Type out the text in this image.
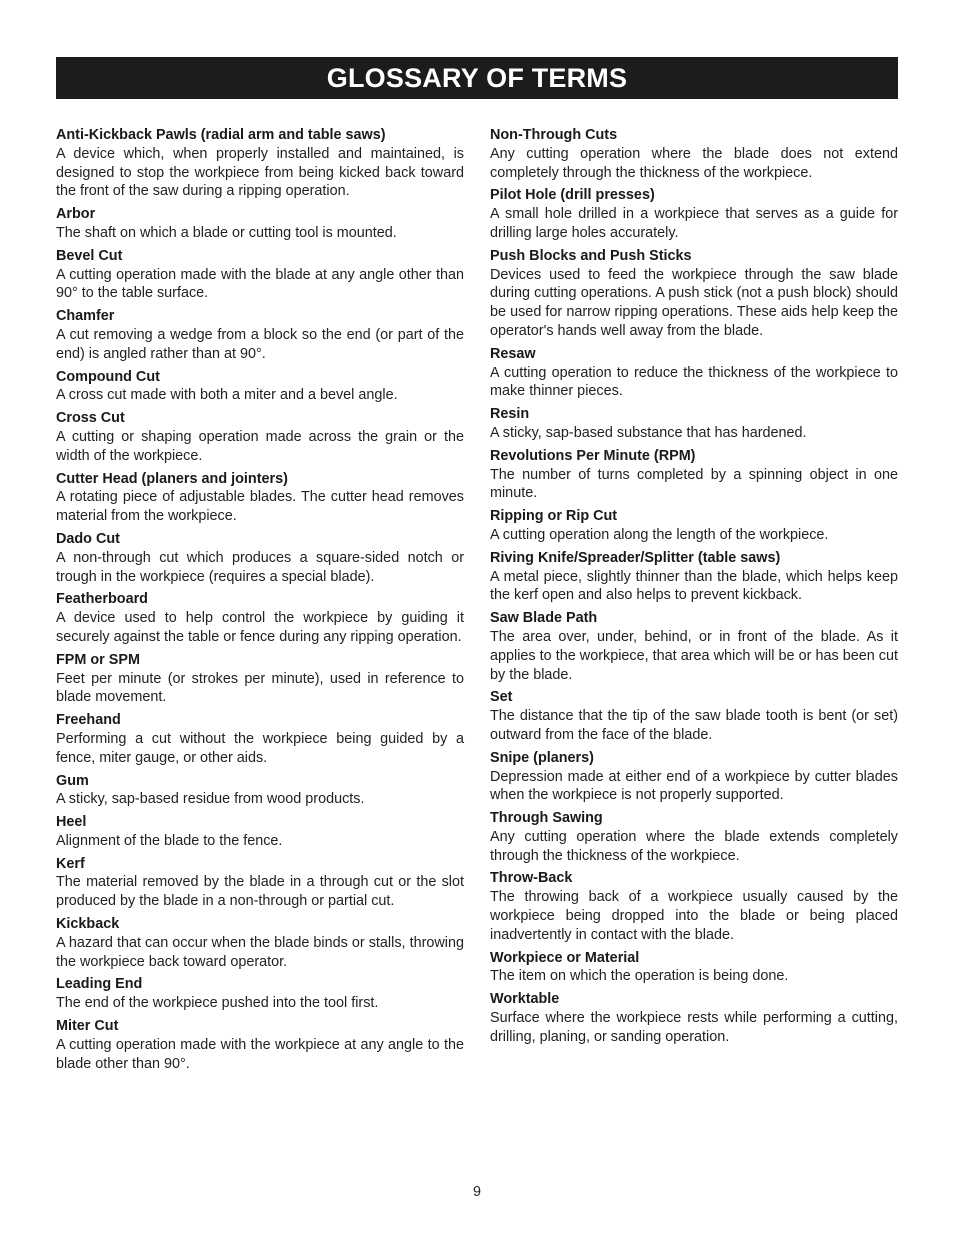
GLOSSARY OF TERMS
Anti-Kickback Pawls (radial arm and table saws)
A device which, when properly installed and maintained, is designed to stop the workpiece from being kicked back toward the front of the saw during a ripping operation.
Arbor
The shaft on which a blade or cutting tool is mounted.
Bevel Cut
A cutting operation made with the blade at any angle other than 90° to the table surface.
Chamfer
A cut removing a wedge from a block so the end (or part of the end) is angled rather than at 90°.
Compound Cut
A cross cut made with both a miter and a bevel angle.
Cross Cut
A cutting or shaping operation made across the grain or the width of the workpiece.
Cutter Head (planers and jointers)
A rotating piece of adjustable blades. The cutter head removes material from the workpiece.
Dado Cut
A non-through cut which produces a square-sided notch or trough in the workpiece (requires a special blade).
Featherboard
A device used to help control the workpiece by guiding it securely against the table or fence during any ripping operation.
FPM or SPM
Feet per minute (or strokes per minute), used in reference to blade movement.
Freehand
Performing a cut without the workpiece being guided by a fence, miter gauge, or other aids.
Gum
A sticky, sap-based residue from wood products.
Heel
Alignment of the blade to the fence.
Kerf
The material removed by the blade in a through cut or the slot produced by the blade in a non-through or partial cut.
Kickback
A hazard that can occur when the blade binds or stalls, throwing the workpiece back toward operator.
Leading End
The end of the workpiece pushed into the tool first.
Miter Cut
A cutting operation made with the workpiece at any angle to the blade other than 90°.
Non-Through Cuts
Any cutting operation where the blade does not extend completely through the thickness of the workpiece.
Pilot Hole (drill presses)
A small hole drilled in a workpiece that serves as a guide for drilling large holes accurately.
Push Blocks and Push Sticks
Devices used to feed the workpiece through the saw blade during cutting operations. A push stick (not a push block) should be used for narrow ripping operations. These aids help keep the operator's hands well away from the blade.
Resaw
A cutting operation to reduce the thickness of the workpiece to make thinner pieces.
Resin
A sticky, sap-based substance that has hardened.
Revolutions Per Minute (RPM)
The number of turns completed by a spinning object in one minute.
Ripping or Rip Cut
A cutting operation along the length of the workpiece.
Riving Knife/Spreader/Splitter (table saws)
A metal piece, slightly thinner than the blade, which helps keep the kerf open and also helps to prevent kickback.
Saw Blade Path
The area over, under, behind, or in front of the blade. As it applies to the workpiece, that area which will be or has been cut by the blade.
Set
The distance that the tip of the saw blade tooth is bent (or set) outward from the face of the blade.
Snipe (planers)
Depression made at either end of a workpiece by cutter blades when the workpiece is not properly supported.
Through Sawing
Any cutting operation where the blade extends completely through the thickness of the workpiece.
Throw-Back
The throwing back of a workpiece usually caused by the workpiece being dropped into the blade or being placed inadvertently in contact with the blade.
Workpiece or Material
The item on which the operation is being done.
Worktable
Surface where the workpiece rests while performing a cutting, drilling, planing, or sanding operation.
9
